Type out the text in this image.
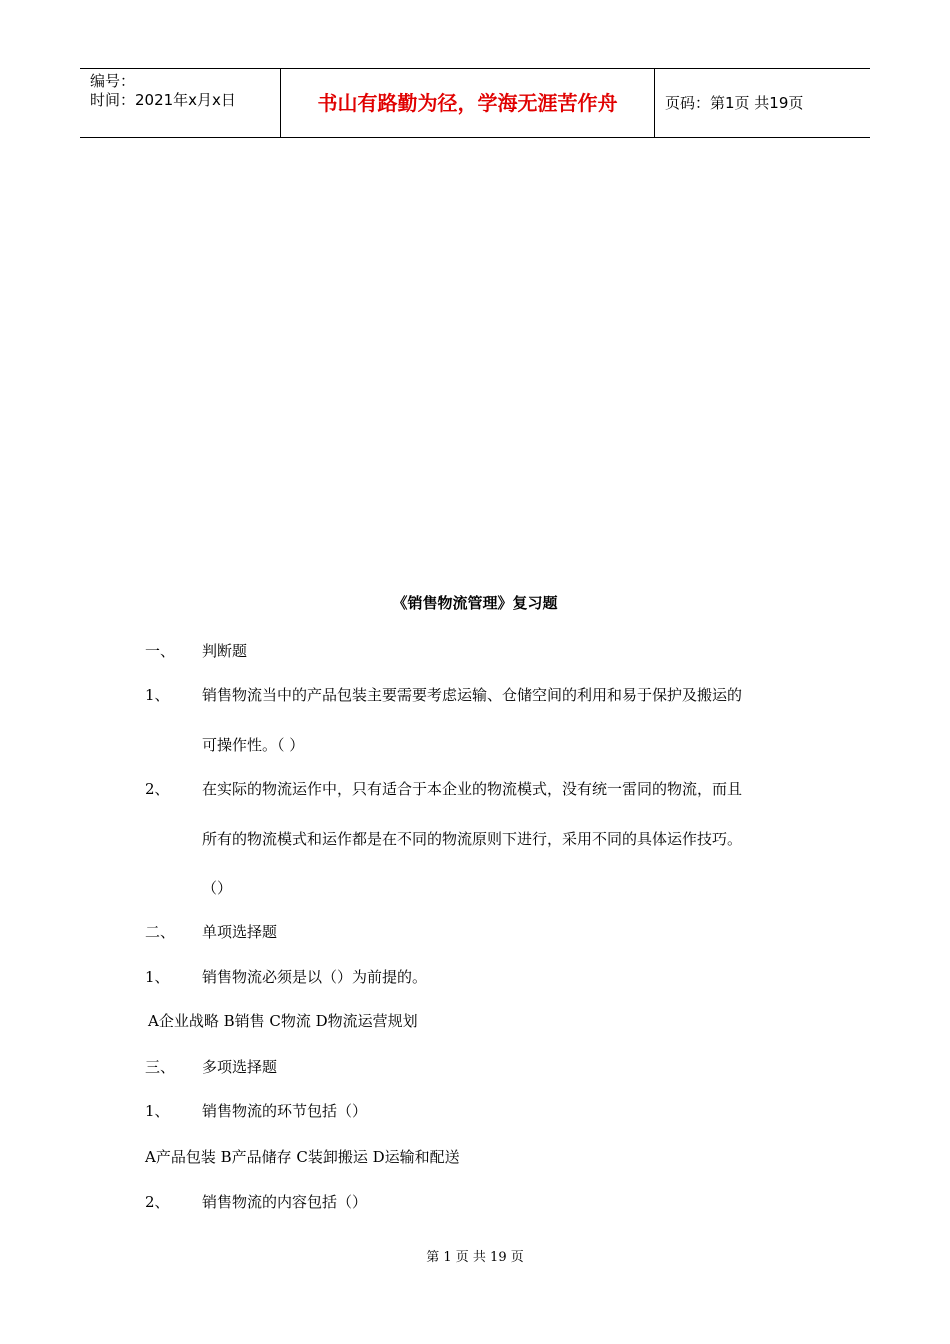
编号：
时间：2021年x月x日	书山有路勤为径，学海无涯苦作舟	页码：第1页 共19页
《销售物流管理》复习题
一、 判断题
1、 销售物流当中的产品包装主要需要考虑运输、仓储空间的利用和易于保护及搬运的
可操作性。（ ）
2、 在实际的物流运作中，只有适合于本企业的物流模式，没有统一雷同的物流，而且
所有的物流模式和运作都是在不同的物流原则下进行，采用不同的具体运作技巧。
（）
二、 单项选择题
1、 销售物流必须是以（）为前提的。
A企业战略 B销售 C物流 D物流运营规划
三、 多项选择题
1、 销售物流的环节包括（）
A产品包装 B产品储存 C装卸搬运 D运输和配送
2、 销售物流的内容包括（）
第 1 页 共 19 页
